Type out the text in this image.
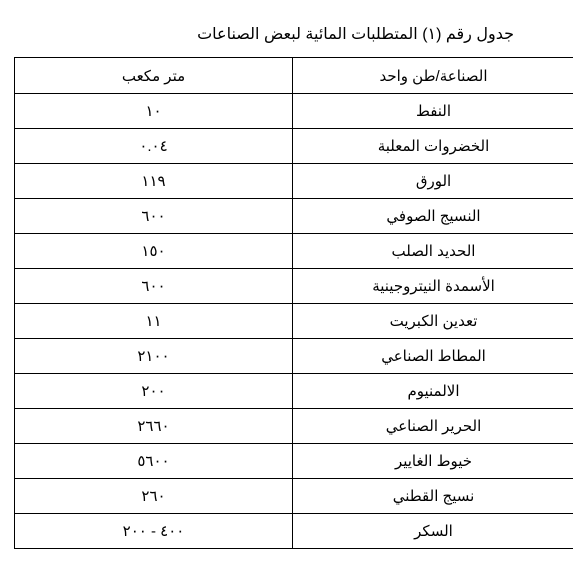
جدول رقم (١) المتطلبات المائية لبعض الصناعات
متر مكعب	الصناعة/طن واحد
١٠	النفط
٠.٠٤	الخضروات المعلبة
١١٩	الورق
٦٠٠	النسيج الصوفي
١٥٠	الحديد الصلب
٦٠٠	الأسمدة النيتروجينية
١١	تعدين الكبريت
٢١٠٠	المطاط الصناعي
٢٠٠	الالمنيوم
٢٦٦٠	الحرير الصناعي
٥٦٠٠	خيوط الغايير
٢٦٠	نسيج القطني
٤٠٠ - ٢٠٠	السكر
